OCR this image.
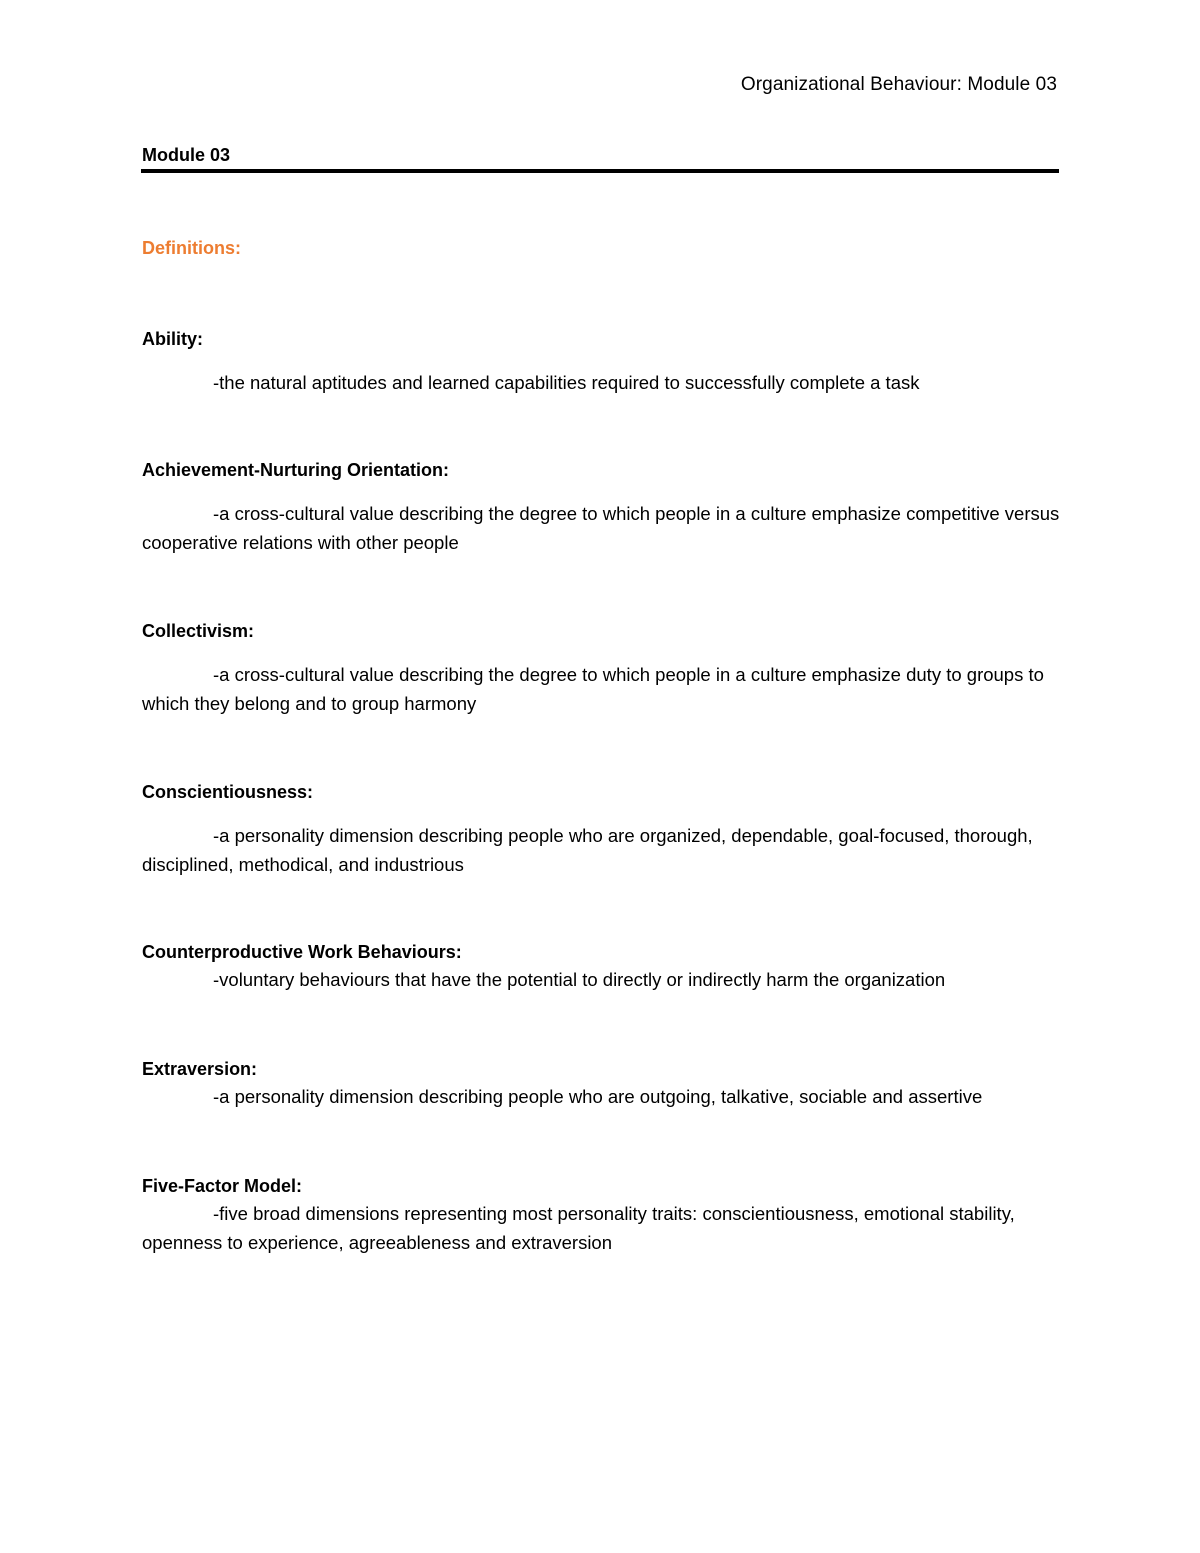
Organizational Behaviour: Module 03
Module 03
Definitions:
Ability:

-the natural aptitudes and learned capabilities required to successfully complete a task

Achievement-Nurturing Orientation:

-a cross-cultural value describing the degree to which people in a culture emphasize competitive versus cooperative relations with other people

Collectivism:

-a cross-cultural value describing the degree to which people in a culture emphasize duty to groups to which they belong and to group harmony

Conscientiousness:

-a personality dimension describing people who are organized, dependable, goal-focused, thorough, disciplined, methodical, and industrious

Counterproductive Work Behaviours:

-voluntary behaviours that have the potential to directly or indirectly harm the organization

Extraversion:

-a personality dimension describing people who are outgoing, talkative, sociable and assertive

Five-Factor Model:

-five broad dimensions representing most personality traits: conscientiousness, emotional stability, openness to experience, agreeableness and extraversion
